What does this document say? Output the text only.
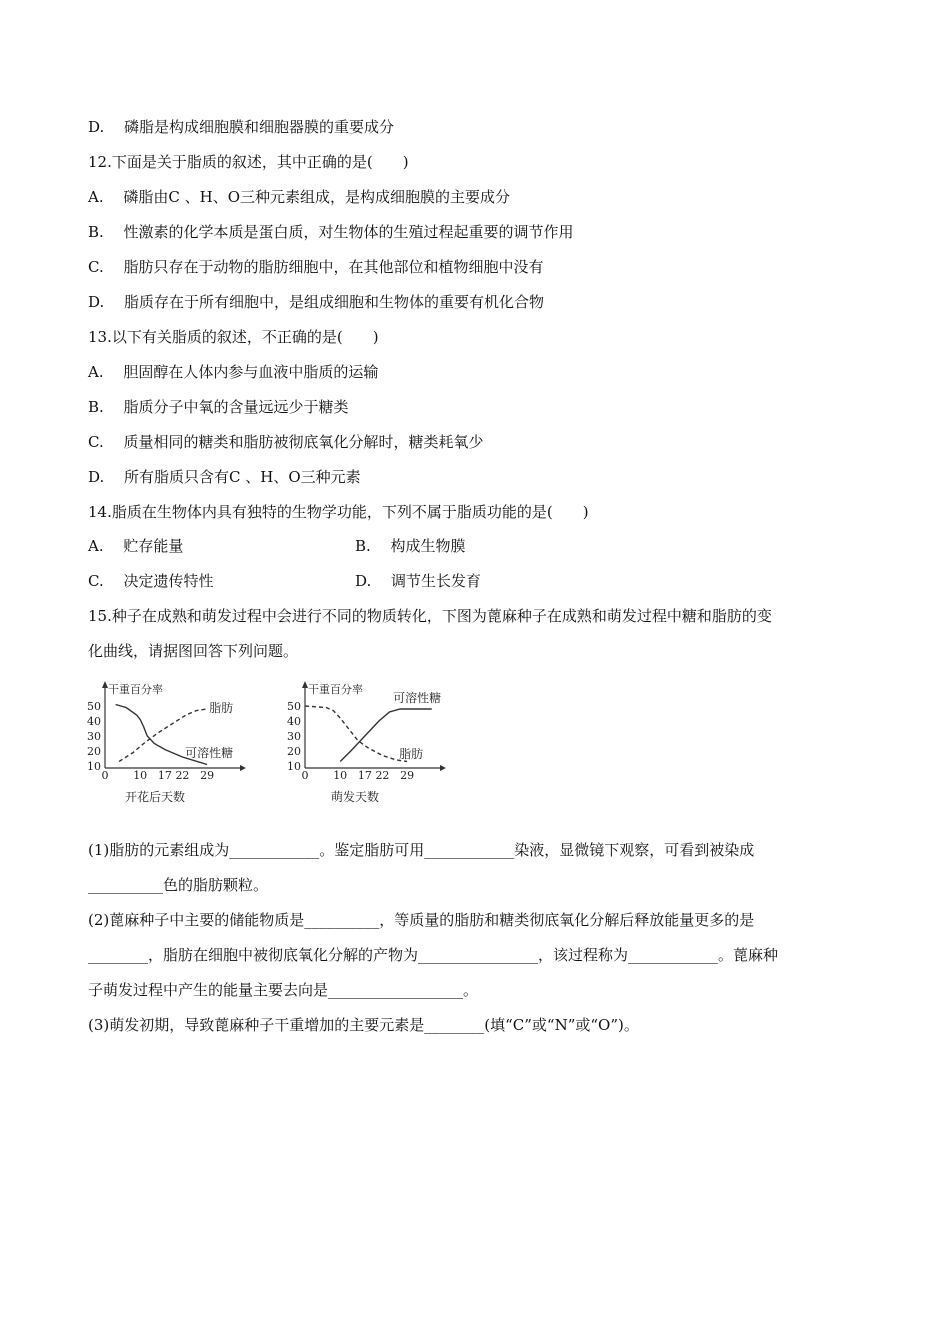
D.　 磷脂是构成细胞膜和细胞器膜的重要成分
12.下面是关于脂质的叙述，其中正确的是(　　)
A.　 磷脂由C 、H、O三种元素组成，是构成细胞膜的主要成分
B.　 性激素的化学本质是蛋白质，对生物体的生殖过程起重要的调节作用
C.　 脂肪只存在于动物的脂肪细胞中，在其他部位和植物细胞中没有
D.　 脂质存在于所有细胞中，是组成细胞和生物体的重要有机化合物
13.以下有关脂质的叙述，不正确的是(　　)
A.　 胆固醇在人体内参与血液中脂质的运输
B.　 脂质分子中氧的含量远远少于糖类
C.　 质量相同的糖类和脂肪被彻底氧化分解时，糖类耗氧少
D.　 所有脂质只含有C 、H、O三种元素
14.脂质在生物体内具有独特的生物学功能，下列不属于脂质功能的是(　　)
A.　 贮存能量	B.　 构成生物膜
C.　 决定遗传特性	D.　 调节生长发育
15.种子在成熟和萌发过程中会进行不同的物质转化，下图为蓖麻种子在成熟和萌发过程中糖和脂肪的变
化曲线，请据图回答下列问题。
干重百分率
10
20
30
40
50
0 10 17 22 29
开花后天数
脂肪
可溶性糖
干重百分率
10
20
30
40
50
0 10 17 22 29
萌发天数
可溶性糖
脂肪
(1)脂肪的元素组成为____________。鉴定脂肪可用____________染液，显微镜下观察，可看到被染成
__________色的脂肪颗粒。
(2)蓖麻种子中主要的储能物质是__________，等质量的脂肪和糖类彻底氧化分解后释放能量更多的是
________，脂肪在细胞中被彻底氧化分解的产物为________________，该过程称为____________。蓖麻种
子萌发过程中产生的能量主要去向是__________________。
(3)萌发初期，导致蓖麻种子干重增加的主要元素是________(填“C”或“N”或“O”)。
